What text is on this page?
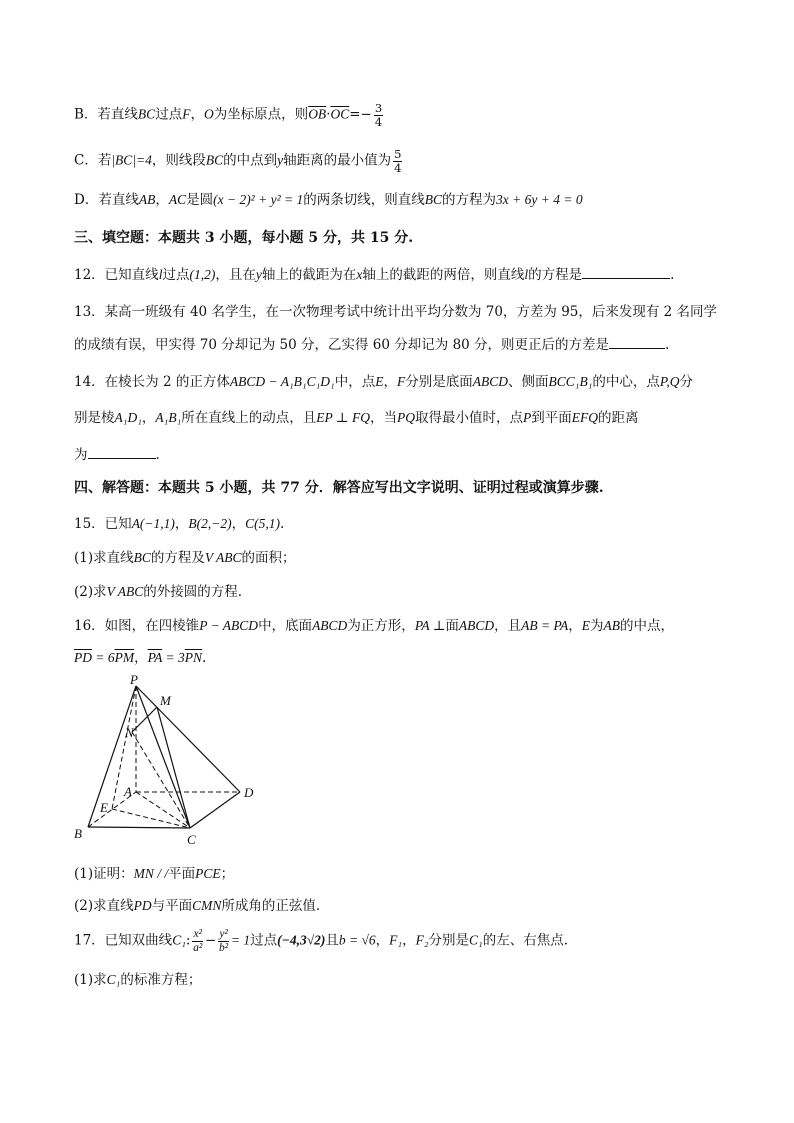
B．若直线BC过点F，O为坐标原点，则$\overline{OB}\cdot\overline{OC}=- \frac{3}{4}$
C．若|BC|=4，则线段BC的中点到y轴距离的最小值为 $\frac{5}{4}$
D．若直线AB，AC是圆(x − 2)² + y² = 1的两条切线，则直线BC的方程为3x + 6y + 4 = 0
三、填空题：本题共 3 小题，每小题 5 分，共 15 分.
12．已知直线l过点(1,2)，且在y轴上的截距为在x轴上的截距的两倍，则直线l的方程是	.
13．某高一班级有 40 名学生，在一次物理考试中统计出平均分数为 70，方差为 95，后来发现有 2 名同学
的成绩有误，甲实得 70 分却记为 50 分，乙实得 60 分却记为 80 分，则更正后的方差是	.
14．在棱长为 2 的正方体ABCD − A₁B₁C₁D₁中，点E，F分别是底面ABCD、侧面BCC₁B₁的中心，点P,Q分
别是棱A₁D₁，A₁B₁所在直线上的动点，且EP ⊥ FQ，当PQ取得最小值时，点P到平面EFQ的距离
为	.
四、解答题：本题共 5 小题，共 77 分．解答应写出文字说明、证明过程或演算步骤.
15．已知A(−1,1)，B(2,−2)，C(5,1).
(1)求直线BC的方程及V ABC的面积；
(2)求V ABC的外接圆的方程.
16．如图，在四棱锥P − ABCD中，底面ABCD为正方形，PA ⊥面ABCD，且AB = PA，E为AB的中点，
$\overline{PD} = 6\overline{PM}$，$\overline{PA} = 3\overline{PN}$.
P
M
N
A	D
E
B	C
(1)证明：MN / /平面PCE；
(2)求直线PD与平面CMN所成角的正弦值.
17．已知双曲线C₁: $\frac{\text{x²}}{\text{a²}} - \frac{\text{y²}}{\text{b²}} = 1$过点(−4,3√2)且b = √6，F₁，F₂分别是C₁的左、右焦点.
(1)求C₁的标准方程；
